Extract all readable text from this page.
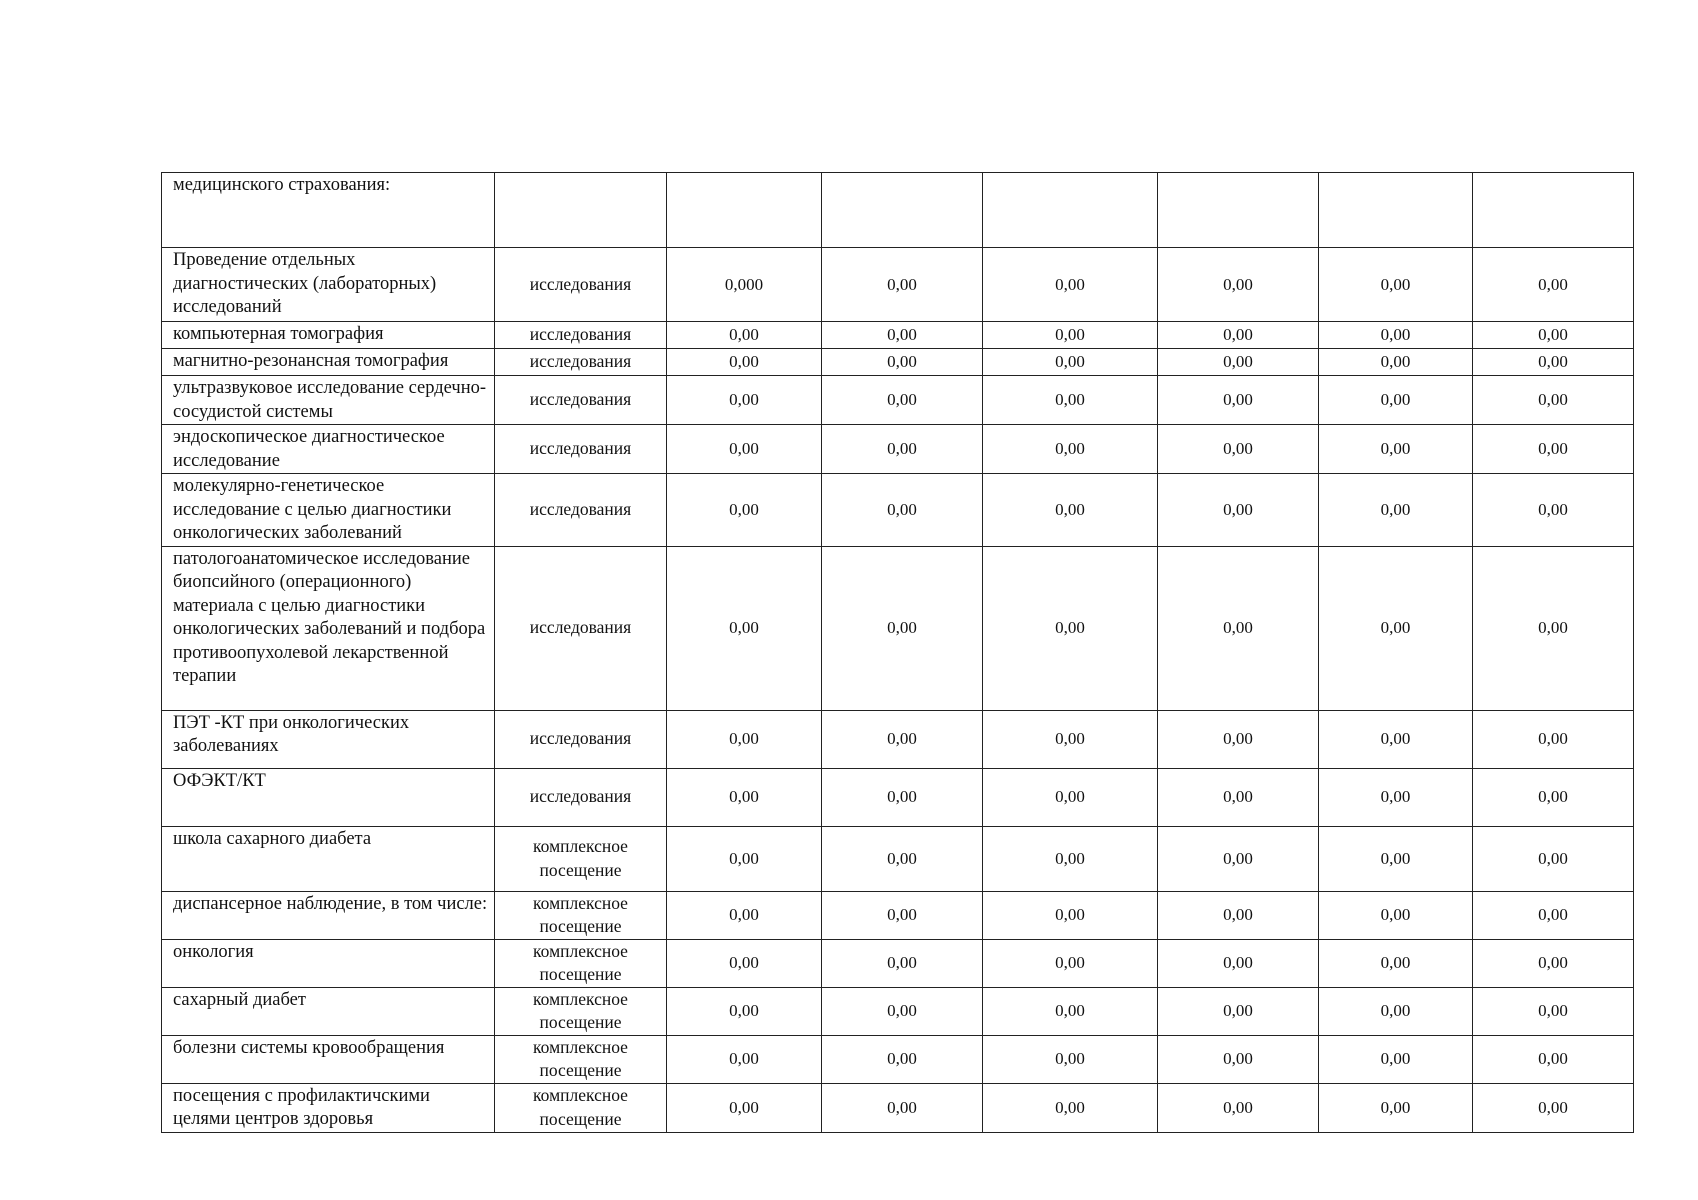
медицинского страхования:							
Проведение отдельных диагностических (лабораторных) исследований	исследования	0,000	0,00	0,00	0,00	0,00	0,00
компьютерная томография	исследования	0,00	0,00	0,00	0,00	0,00	0,00
магнитно-резонансная томография	исследования	0,00	0,00	0,00	0,00	0,00	0,00
ультразвуковое исследование сердечно-сосудистой системы	исследования	0,00	0,00	0,00	0,00	0,00	0,00
эндоскопическое диагностическое исследование	исследования	0,00	0,00	0,00	0,00	0,00	0,00
молекулярно-генетическое исследование с целью диагностики онкологических заболеваний	исследования	0,00	0,00	0,00	0,00	0,00	0,00
патологоанатомическое исследование биопсийного (операционного) материала с целью диагностики онкологических заболеваний и подбора противоопухолевой лекарственной терапии	исследования	0,00	0,00	0,00	0,00	0,00	0,00
ПЭТ -КТ при онкологических заболеваниях	исследования	0,00	0,00	0,00	0,00	0,00	0,00
ОФЭКТ/КТ	исследования	0,00	0,00	0,00	0,00	0,00	0,00
школа сахарного диабета	комплексное посещение	0,00	0,00	0,00	0,00	0,00	0,00
диспансерное наблюдение, в том числе:	комплексное посещение	0,00	0,00	0,00	0,00	0,00	0,00
онкология	комплексное посещение	0,00	0,00	0,00	0,00	0,00	0,00
сахарный диабет	комплексное посещение	0,00	0,00	0,00	0,00	0,00	0,00
болезни системы кровообращения	комплексное посещение	0,00	0,00	0,00	0,00	0,00	0,00
посещения с профилактичскими целями центров здоровья	комплексное посещение	0,00	0,00	0,00	0,00	0,00	0,00
